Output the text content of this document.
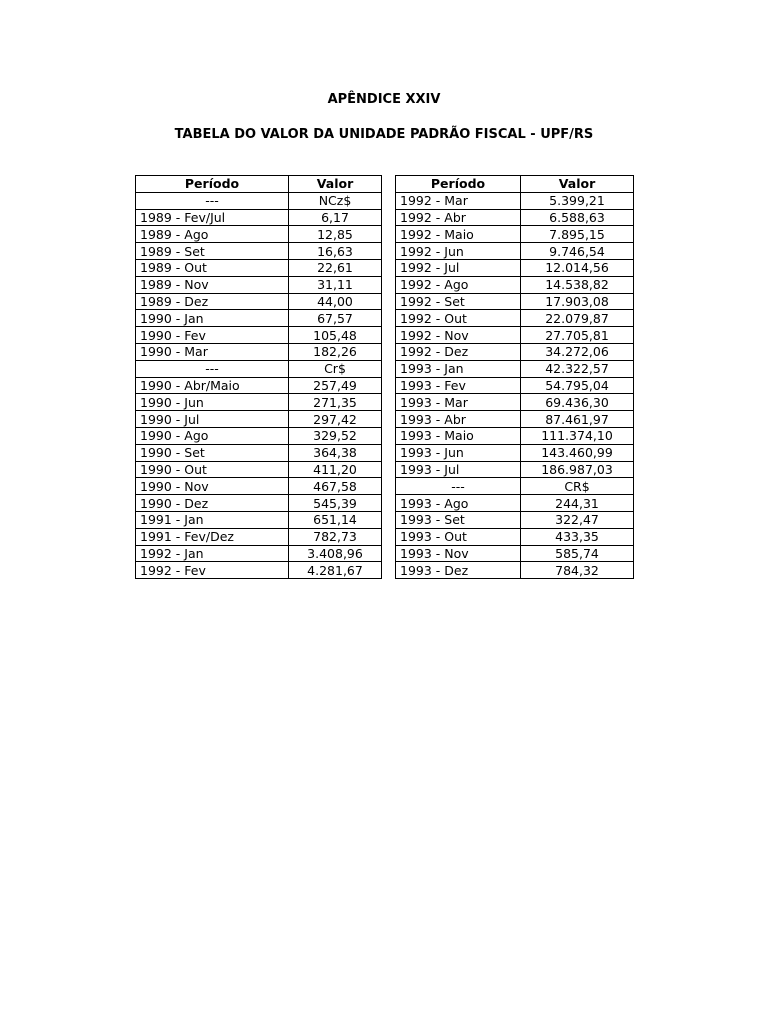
APÊNDICE XXIV
TABELA DO VALOR DA UNIDADE PADRÃO FISCAL - UPF/RS
Período	Valor
---	NCz$
1989 - Fev/Jul	6,17
1989 - Ago	12,85
1989 - Set	16,63
1989 - Out	22,61
1989 - Nov	31,11
1989 - Dez	44,00
1990 - Jan	67,57
1990 - Fev	105,48
1990 - Mar	182,26
---	Cr$
1990 - Abr/Maio	257,49
1990 - Jun	271,35
1990 - Jul	297,42
1990 - Ago	329,52
1990 - Set	364,38
1990 - Out	411,20
1990 - Nov	467,58
1990 - Dez	545,39
1991 - Jan	651,14
1991 - Fev/Dez	782,73
1992 - Jan	3.408,96
1992 - Fev	4.281,67
Período	Valor
1992 - Mar	5.399,21
1992 - Abr	6.588,63
1992 - Maio	7.895,15
1992 - Jun	9.746,54
1992 - Jul	12.014,56
1992 - Ago	14.538,82
1992 - Set	17.903,08
1992 - Out	22.079,87
1992 - Nov	27.705,81
1992 - Dez	34.272,06
1993 - Jan	42.322,57
1993 - Fev	54.795,04
1993 - Mar	69.436,30
1993 - Abr	87.461,97
1993 - Maio	111.374,10
1993 - Jun	143.460,99
1993 - Jul	186.987,03
---	CR$
1993 - Ago	244,31
1993 - Set	322,47
1993 - Out	433,35
1993 - Nov	585,74
1993 - Dez	784,32
